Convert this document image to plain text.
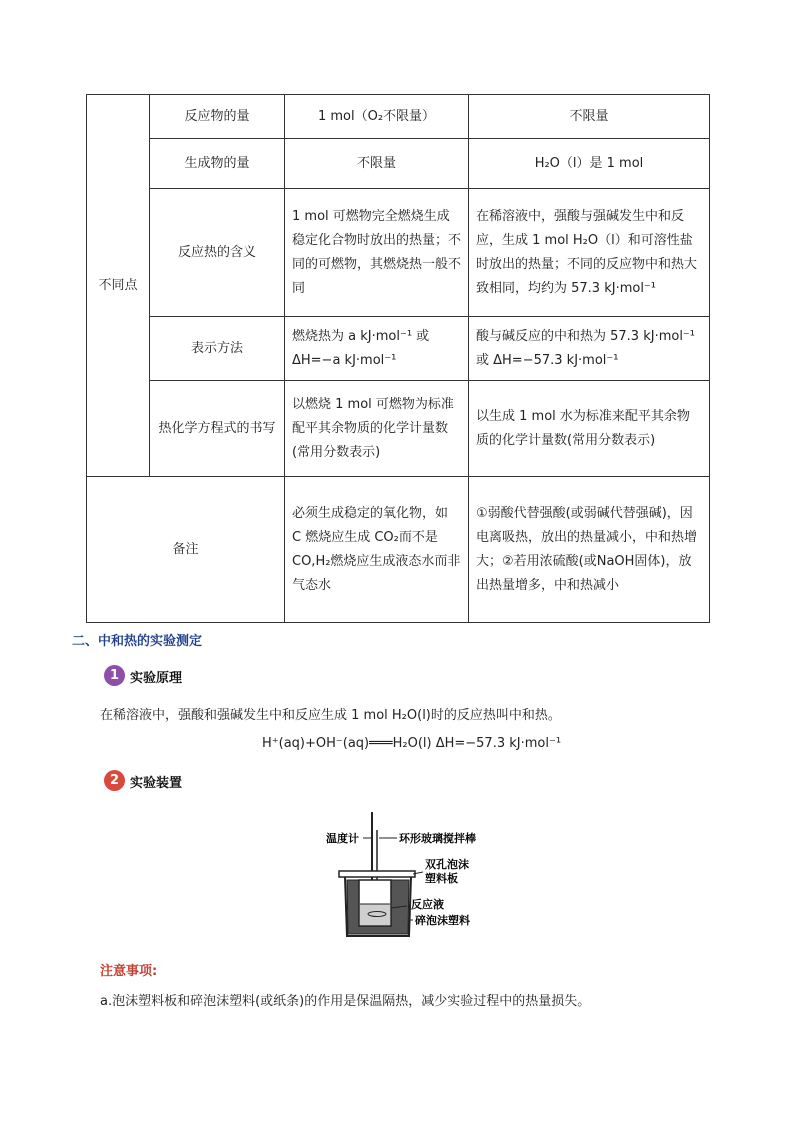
不同点	反应物的量	1 mol（O₂不限量）	不限量
	生成物的量	不限量	H₂O（l）是 1 mol
	反应热的含义	1 mol 可燃物完全燃烧生成稳定化合物时放出的热量；不同的可燃物，其燃烧热一般不同	在稀溶液中，强酸与强碱发生中和反应，生成 1 mol H₂O（l）和可溶性盐时放出的热量；不同的反应物中和热大致相同，均约为 57.3 kJ·mol⁻¹
	表示方法	燃烧热为 a kJ·mol⁻¹ 或 ΔH=−a kJ·mol⁻¹	酸与碱反应的中和热为 57.3 kJ·mol⁻¹或 ΔH=−57.3 kJ·mol⁻¹
	热化学方程式的书写	以燃烧 1 mol 可燃物为标准配平其余物质的化学计量数(常用分数表示)	以生成 1 mol 水为标准来配平其余物质的化学计量数(常用分数表示)
备注		必须生成稳定的氧化物，如 C 燃烧应生成 CO₂而不是 CO,H₂燃烧应生成液态水而非气态水	①弱酸代替强酸(或弱碱代替强碱)，因电离吸热，放出的热量减小，中和热增大；②若用浓硫酸(或NaOH固体)，放出热量增多，中和热减小
二、中和热的实验测定
1 实验原理
在稀溶液中，强酸和强碱发生中和反应生成 1 mol H₂O(l)时的反应热叫中和热。
H⁺(aq)+OH⁻(aq)═══H₂O(l) ΔH=−57.3 kJ·mol⁻¹
2 实验装置
温度计	环形玻璃搅拌棒
双孔泡沫
塑料板
反应液
碎泡沫塑料
注意事项:
a.泡沫塑料板和碎泡沫塑料(或纸条)的作用是保温隔热，减少实验过程中的热量损失。
